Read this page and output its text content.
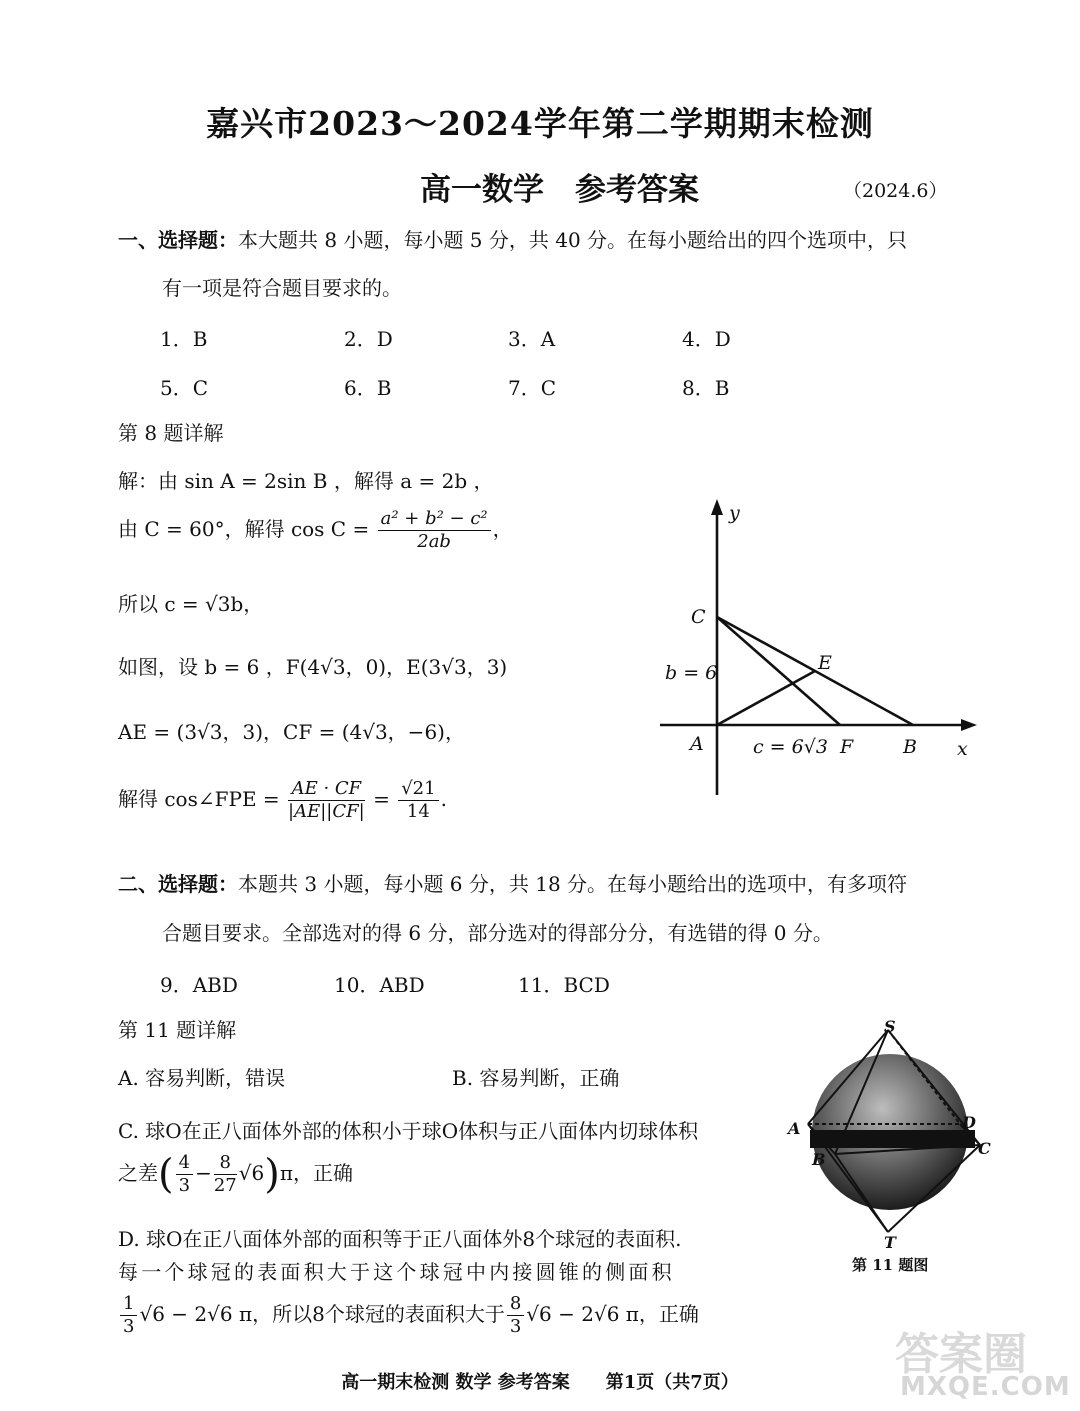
嘉兴市2023～2024学年第二学期期末检测
高一数学　参考答案	（2024.6）
一、选择题：本大题共 8 小题，每小题 5 分，共 40 分。在每小题给出的四个选项中，只
有一项是符合题目要求的。
1．B	2．D	3．A	4．D
5．C	6．B	7．C	8．B
第 8 题详解
解：由 sin A = 2sin B ，解得 a = 2b ，
由 C = 60°，解得 $\cos C = \frac{\text{a² + b² − c²}}{2ab}$ ，
所以 c = √3b，
如图，设 b = 6 ，F(4√3，0)，E(3√3，3)
AE = (3√3，3)，CF = (4√3，−6)，
解得 cos∠FPE = $\frac{AE \cdot CF}{|AE||CF|} = \frac{√21}{14}$ .
y
x
C
E
A	F	B
b = 6
c = 6√3
二、选择题：本题共 3 小题，每小题 6 分，共 18 分。在每小题给出的选项中，有多项符
合题目要求。全部选对的得 6 分，部分选对的得部分分，有选错的得 0 分。
9．ABD	10．ABD	11．BCD
第 11 题详解
A. 容易判断，错误	B. 容易判断，正确
C. 球O在正八面体外部的体积小于球O体积与正八面体内切球体积
之差( $\frac{4}{3} - \frac{8}{27} √6)\pi$，正确
D. 球O在正八面体外部的面积等于正八面体外8个球冠的表面积.
每一个球冠的表面积大于这个球冠中内接圆锥的侧面积
$\frac{1}{3} √6 - 2√6$ π，所以8个球冠的表面积大于 $\frac{8}{3} √6 - 2√6$ π，正确
S
A
B
C
D
T
第 11 题图
答案圈
MXQE.COM
高一期末检测 数学 参考答案　　第1页（共7页）
